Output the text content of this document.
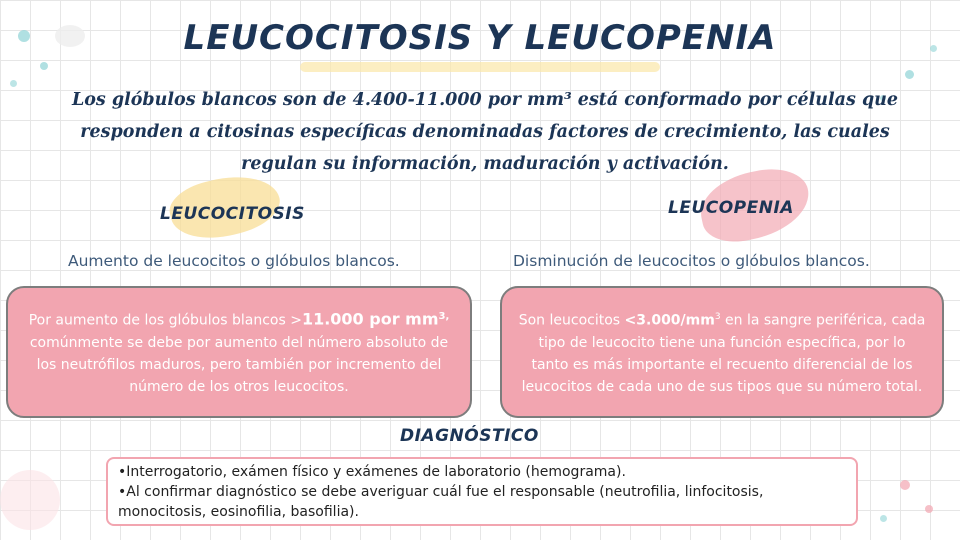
LEUCOCITOSIS Y LEUCOPENIA

Los glóbulos blancos son de 4.400-11.000 por mm³ está conformado por células que responden a citosinas específicas denominadas factores de crecimiento, las cuales regulan su información, maduración y activación.

LEUCOCITOSIS	LEUCOPENIA

Aumento de leucocitos o glóbulos blancos.	Disminución de leucocitos o glóbulos blancos.

Por aumento de los glóbulos blancos >11.000 por $mm^{3,}$ comúnmente se debe por aumento del número absoluto de los neutrófilos maduros, pero también por incremento del número de los otros leucocitos.
Son leucocitos $<3.000/mm^3$ en la sangre periférica, cada tipo de leucocito tiene una función específica, por lo tanto es más importante el recuento diferencial de los leucocitos de cada uno de sus tipos que su número total.
DIAGNÓSTICO

•Interrogatorio, exámen físico y exámenes de laboratorio (hemograma).

•Al confirmar diagnóstico se debe averiguar cuál fue el responsable (neutrofilia, linfocitosis, monocitosis, eosinofilia, basofilia).
